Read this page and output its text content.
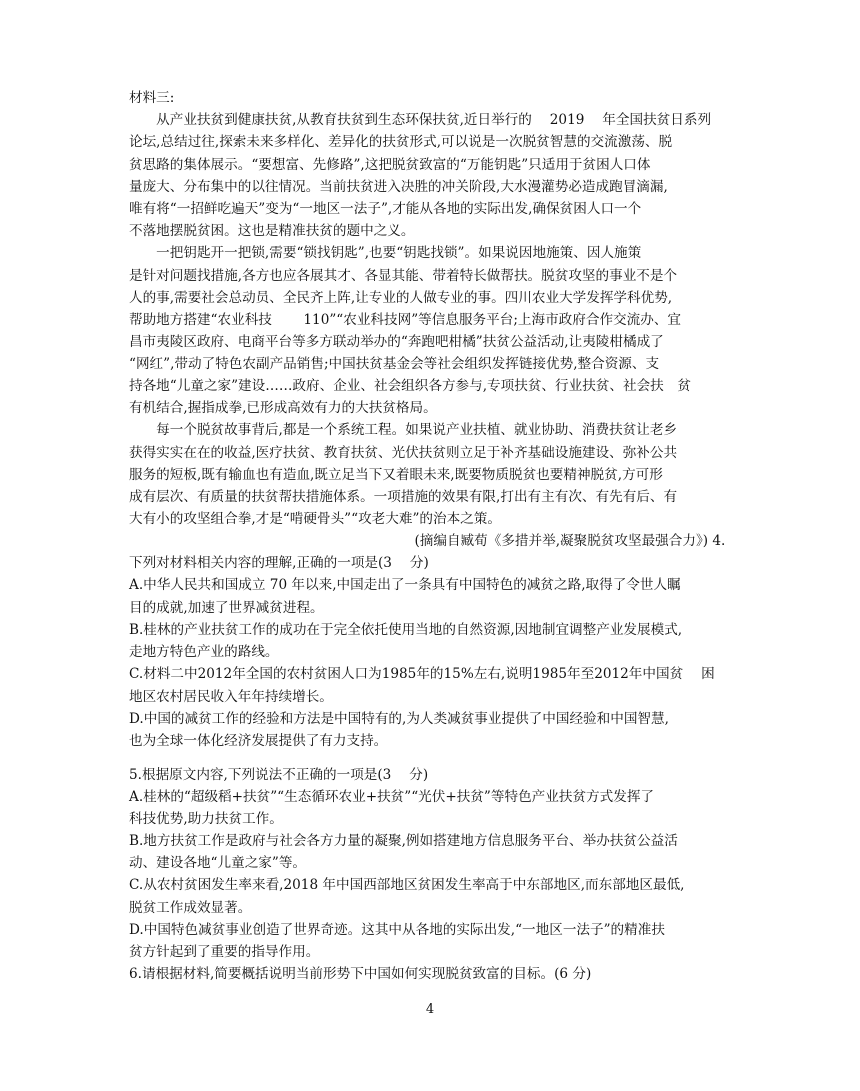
材料三:
　　从产业扶贫到健康扶贫,从教育扶贫到生态环保扶贫,近日举行的　 2019　 年全国扶贫日系列
论坛,总结过往,探索未来多样化、差异化的扶贫形式,可以说是一次脱贫智慧的交流激荡、脱
贫思路的集体展示。“要想富、先修路”,这把脱贫致富的“万能钥匙”只适用于贫困人口体
量庞大、分布集中的以往情况。当前扶贫进入决胜的冲关阶段,大水漫灌势必造成跑冒滴漏,
唯有将“一招鲜吃遍天”变为“一地区一法子”,才能从各地的实际出发,确保贫困人口一个
不落地摆脱贫困。这也是精准扶贫的题中之义。
　　一把钥匙开一把锁,需要“锁找钥匙”,也要“钥匙找锁”。如果说因地施策、因人施策
是针对问题找措施,各方也应各展其才、各显其能、带着特长做帮扶。脱贫攻坚的事业不是个
人的事,需要社会总动员、全民齐上阵,让专业的人做专业的事。四川农业大学发挥学科优势,
帮助地方搭建“农业科技　　 110”“农业科技网”等信息服务平台;上海市政府合作交流办、宜
昌市夷陵区政府、电商平台等多方联动举办的“奔跑吧柑橘”扶贫公益活动,让夷陵柑橘成了
“网红”,带动了特色农副产品销售;中国扶贫基金会等社会组织发挥链接优势,整合资源、支
持各地“儿童之家”建设……政府、企业、社会组织各方参与,专项扶贫、行业扶贫、社会扶　贫
有机结合,握指成拳,已形成高效有力的大扶贫格局。
　　每一个脱贫故事背后,都是一个系统工程。如果说产业扶植、就业协助、消费扶贫让老乡
获得实实在在的收益,医疗扶贫、教育扶贫、光伏扶贫则立足于补齐基础设施建设、弥补公共
服务的短板,既有输血也有造血,既立足当下又着眼未来,既要物质脱贫也要精神脱贫,方可形
成有层次、有质量的扶贫帮扶措施体系。一项措施的效果有限,打出有主有次、有先有后、有
大有小的攻坚组合拳,才是“啃硬骨头”“攻老大难”的治本之策。
　　　　　　　　　　　　　　　　　　　　　(摘编自臧荀《多措并举,凝聚脱贫攻坚最强合力》) 4.
下列对材料相关内容的理解,正确的一项是(3　 分)
A.中华人民共和国成立 70 年以来,中国走出了一条具有中国特色的减贫之路,取得了令世人瞩
目的成就,加速了世界减贫进程。
B.桂林的产业扶贫工作的成功在于完全依托使用当地的自然资源,因地制宜调整产业发展模式,
走地方特色产业的路线。
C.材料二中2012年全国的农村贫困人口为1985年的15%左右,说明1985年至2012年中国贫　 困
地区农村居民收入年年持续增长。
D.中国的减贫工作的经验和方法是中国特有的,为人类减贫事业提供了中国经验和中国智慧,
也为全球一体化经济发展提供了有力支持。
5.根据原文内容,下列说法不正确的一项是(3　 分)
A.桂林的“超级稻+扶贫”“生态循环农业+扶贫”“光伏+扶贫”等特色产业扶贫方式发挥了
科技优势,助力扶贫工作。
B.地方扶贫工作是政府与社会各方力量的凝聚,例如搭建地方信息服务平台、举办扶贫公益活
动、建设各地“儿童之家”等。
C.从农村贫困发生率来看,2018 年中国西部地区贫困发生率高于中东部地区,而东部地区最低,
脱贫工作成效显著。
D.中国特色减贫事业创造了世界奇迹。这其中从各地的实际出发,“一地区一法子”的精准扶
贫方针起到了重要的指导作用。
6.请根据材料,简要概括说明当前形势下中国如何实现脱贫致富的目标。(6 分)
4
